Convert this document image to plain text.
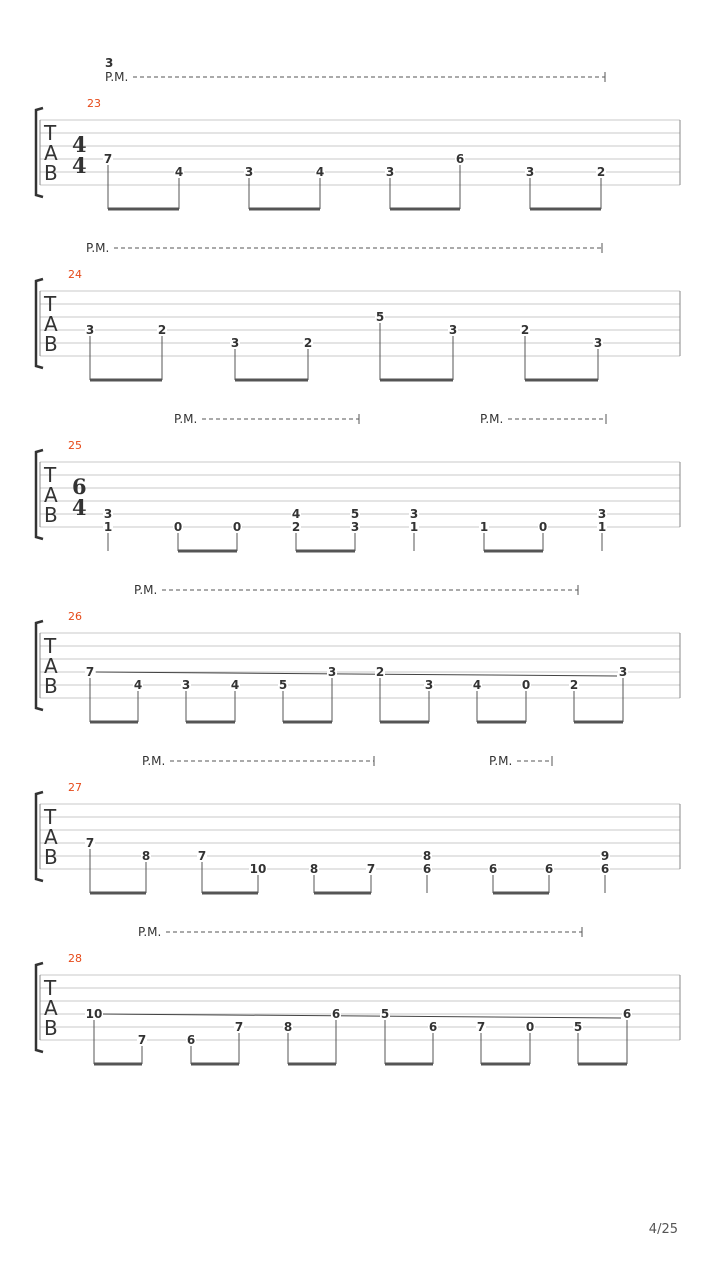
3
P.M.
23
T
A
B
4
4 7
4	3	4	3
6
3	2
P.M.
24
T
A
B
3	2
3	2
5
3	2
3
P.M.	P.M.
25
T
A
B
6
4 3
1	0	0
4
2
5
3
3
1	1	0
3
1
P.M.
26
T
A
B
7
4	3	4	5
3	2
3	4	0	2
3
P.M.	P.M.
27
T
A
B
7
8	7
10	8	7
8
6	6	6
9
6
P.M.
28
T
A
B
10
7	6
7	8
6	5
6	7	0	5
6
4/25
